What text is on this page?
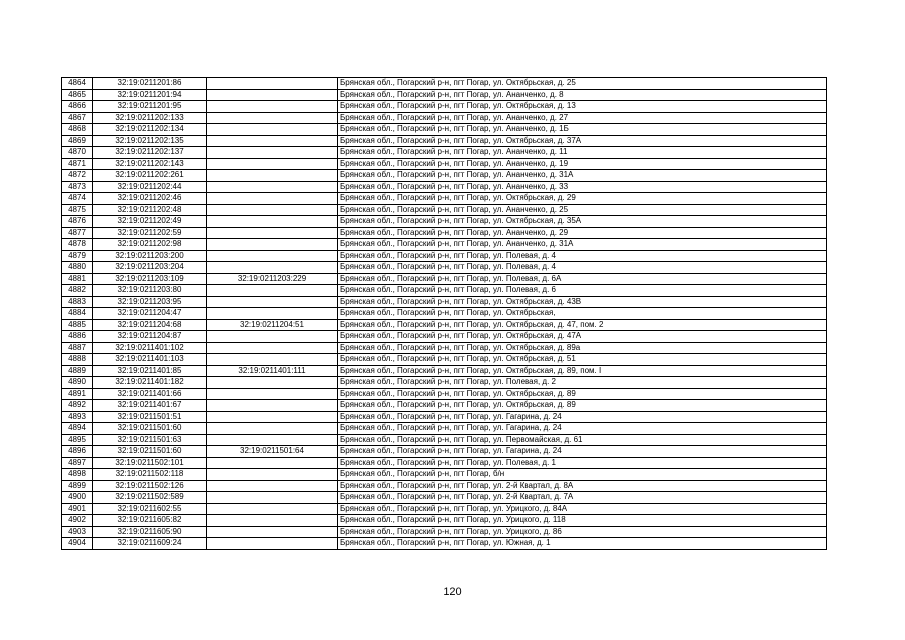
4864	32:19:0211201:86		Брянская обл., Погарский р-н, пгт Погар, ул. Октябрьская, д. 25
4865	32:19:0211201:94		Брянская обл., Погарский р-н, пгт Погар, ул. Ананченко, д. 8
4866	32:19:0211201:95		Брянская обл., Погарский р-н, пгт Погар, ул. Октябрьская, д. 13
4867	32:19:0211202:133		Брянская обл., Погарский р-н, пгт Погар, ул. Ананченко, д. 27
4868	32:19:0211202:134		Брянская обл., Погарский р-н, пгт Погар, ул. Ананченко, д. 1Б
4869	32:19:0211202:135		Брянская обл., Погарский р-н, пгт Погар, ул. Октябрьская, д. 37А
4870	32:19:0211202:137		Брянская обл., Погарский р-н, пгт Погар, ул. Ананченко, д. 11
4871	32:19:0211202:143		Брянская обл., Погарский р-н, пгт Погар, ул. Ананченко, д. 19
4872	32:19:0211202:261		Брянская обл., Погарский р-н, пгт Погар, ул. Ананченко, д. 31А
4873	32:19:0211202:44		Брянская обл., Погарский р-н, пгт Погар, ул. Ананченко, д. 33
4874	32:19:0211202:46		Брянская обл., Погарский р-н, пгт Погар, ул. Октябрьская, д. 29
4875	32:19:0211202:48		Брянская обл., Погарский р-н, пгт Погар, ул. Ананченко, д. 25
4876	32:19:0211202:49		Брянская обл., Погарский р-н, пгт Погар, ул. Октябрьская, д. 35А
4877	32:19:0211202:59		Брянская обл., Погарский р-н, пгт Погар, ул. Ананченко, д. 29
4878	32:19:0211202:98		Брянская обл., Погарский р-н, пгт Погар, ул. Ананченко, д. 31А
4879	32:19:0211203:200		Брянская обл., Погарский р-н, пгт Погар, ул. Полевая, д. 4
4880	32:19:0211203:204		Брянская обл., Погарский р-н, пгт Погар, ул. Полевая, д. 4
4881	32:19:0211203:109	32:19:0211203:229	Брянская обл., Погарский р-н, пгт Погар, ул. Полевая, д. 6А
4882	32:19:0211203:80		Брянская обл., Погарский р-н, пгт Погар, ул. Полевая, д. 6
4883	32:19:0211203:95		Брянская обл., Погарский р-н, пгт Погар, ул. Октябрьская, д. 43В
4884	32:19:0211204:47		Брянская обл., Погарский р-н, пгт Погар, ул. Октябрьская,
4885	32:19:0211204:68	32:19:0211204:51	Брянская обл., Погарский р-н, пгт Погар, ул. Октябрьская, д. 47, пом. 2
4886	32:19:0211204:87		Брянская обл., Погарский р-н, пгт Погар, ул. Октябрьская, д. 47А
4887	32:19:0211401:102		Брянская обл., Погарский р-н, пгт Погар, ул. Октябрьская, д. 89а
4888	32:19:0211401:103		Брянская обл., Погарский р-н, пгт Погар, ул. Октябрьская, д. 51
4889	32:19:0211401:85	32:19:0211401:111	Брянская обл., Погарский р-н, пгт Погар, ул. Октябрьская, д. 89, пом. I
4890	32:19:0211401:182		Брянская обл., Погарский р-н, пгт Погар, ул. Полевая, д. 2
4891	32:19:0211401:66		Брянская обл., Погарский р-н, пгт Погар, ул. Октябрьская, д. 89
4892	32:19:0211401:67		Брянская обл., Погарский р-н, пгт Погар, ул. Октябрьская, д. 89
4893	32:19:0211501:51		Брянская обл., Погарский р-н, пгт Погар, ул. Гагарина, д. 24
4894	32:19:0211501:60		Брянская обл., Погарский р-н, пгт Погар, ул. Гагарина, д. 24
4895	32:19:0211501:63		Брянская обл., Погарский р-н, пгт Погар, ул. Первомайская, д. 61
4896	32:19:0211501:60	32:19:0211501:64	Брянская обл., Погарский р-н, пгт Погар, ул. Гагарина, д. 24
4897	32:19:0211502:101		Брянская обл., Погарский р-н, пгт Погар, ул. Полевая, д. 1
4898	32:19:0211502:118		Брянская обл., Погарский р-н, пгт Погар, б/н
4899	32:19:0211502:126		Брянская обл., Погарский р-н, пгт Погар, ул. 2-й Квартал, д. 8А
4900	32:19:0211502:589		Брянская обл., Погарский р-н, пгт Погар, ул. 2-й Квартал, д. 7А
4901	32:19:0211602:55		Брянская обл., Погарский р-н, пгт Погар, ул. Урицкого, д. 84А
4902	32:19:0211605:82		Брянская обл., Погарский р-н, пгт Погар, ул. Урицкого, д. 118
4903	32:19:0211605:90		Брянская обл., Погарский р-н, пгт Погар, ул. Урицкого, д. 86
4904	32:19:0211609:24		Брянская обл., Погарский р-н, пгт Погар, ул. Южная, д. 1
120
